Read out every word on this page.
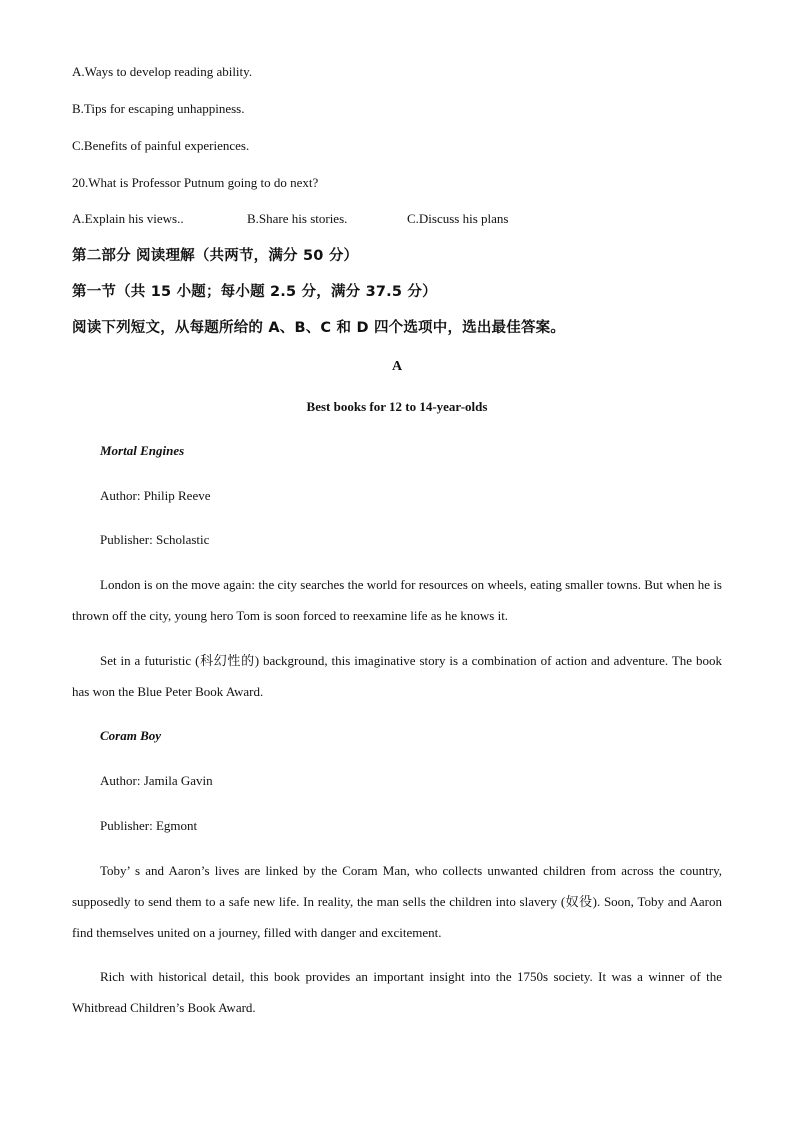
A.Ways to develop reading ability.
B.Tips for escaping unhappiness.
C.Benefits of painful experiences.
20.What is Professor Putnum going to do next?
A.Explain his views..	B.Share his stories.	C.Discuss his plans
第二部分 阅读理解（共两节，满分 50 分）
第一节（共 15 小题；每小题 2.5 分，满分 37.5 分）
阅读下列短文，从每题所给的 A、B、C 和 D 四个选项中，选出最佳答案。
A
Best books for 12 to 14-year-olds
Mortal Engines
Author: Philip Reeve
Publisher: Scholastic
London is on the move again: the city searches the world for resources on wheels, eating smaller towns. But when he is thrown off the city, young hero Tom is soon forced to reexamine life as he knows it.
Set in a futuristic (科幻性的) background, this imaginative story is a combination of action and adventure. The book has won the Blue Peter Book Award.
Coram Boy
Author: Jamila Gavin
Publisher: Egmont
Toby’ s and Aaron’s lives are linked by the Coram Man, who collects unwanted children from across the country, supposedly to send them to a safe new life. In reality, the man sells the children into slavery (奴役). Soon, Toby and Aaron find themselves united on a journey, filled with danger and excitement.
Rich with historical detail, this book provides an important insight into the 1750s society. It was a winner of the Whitbread Children’s Book Award.
